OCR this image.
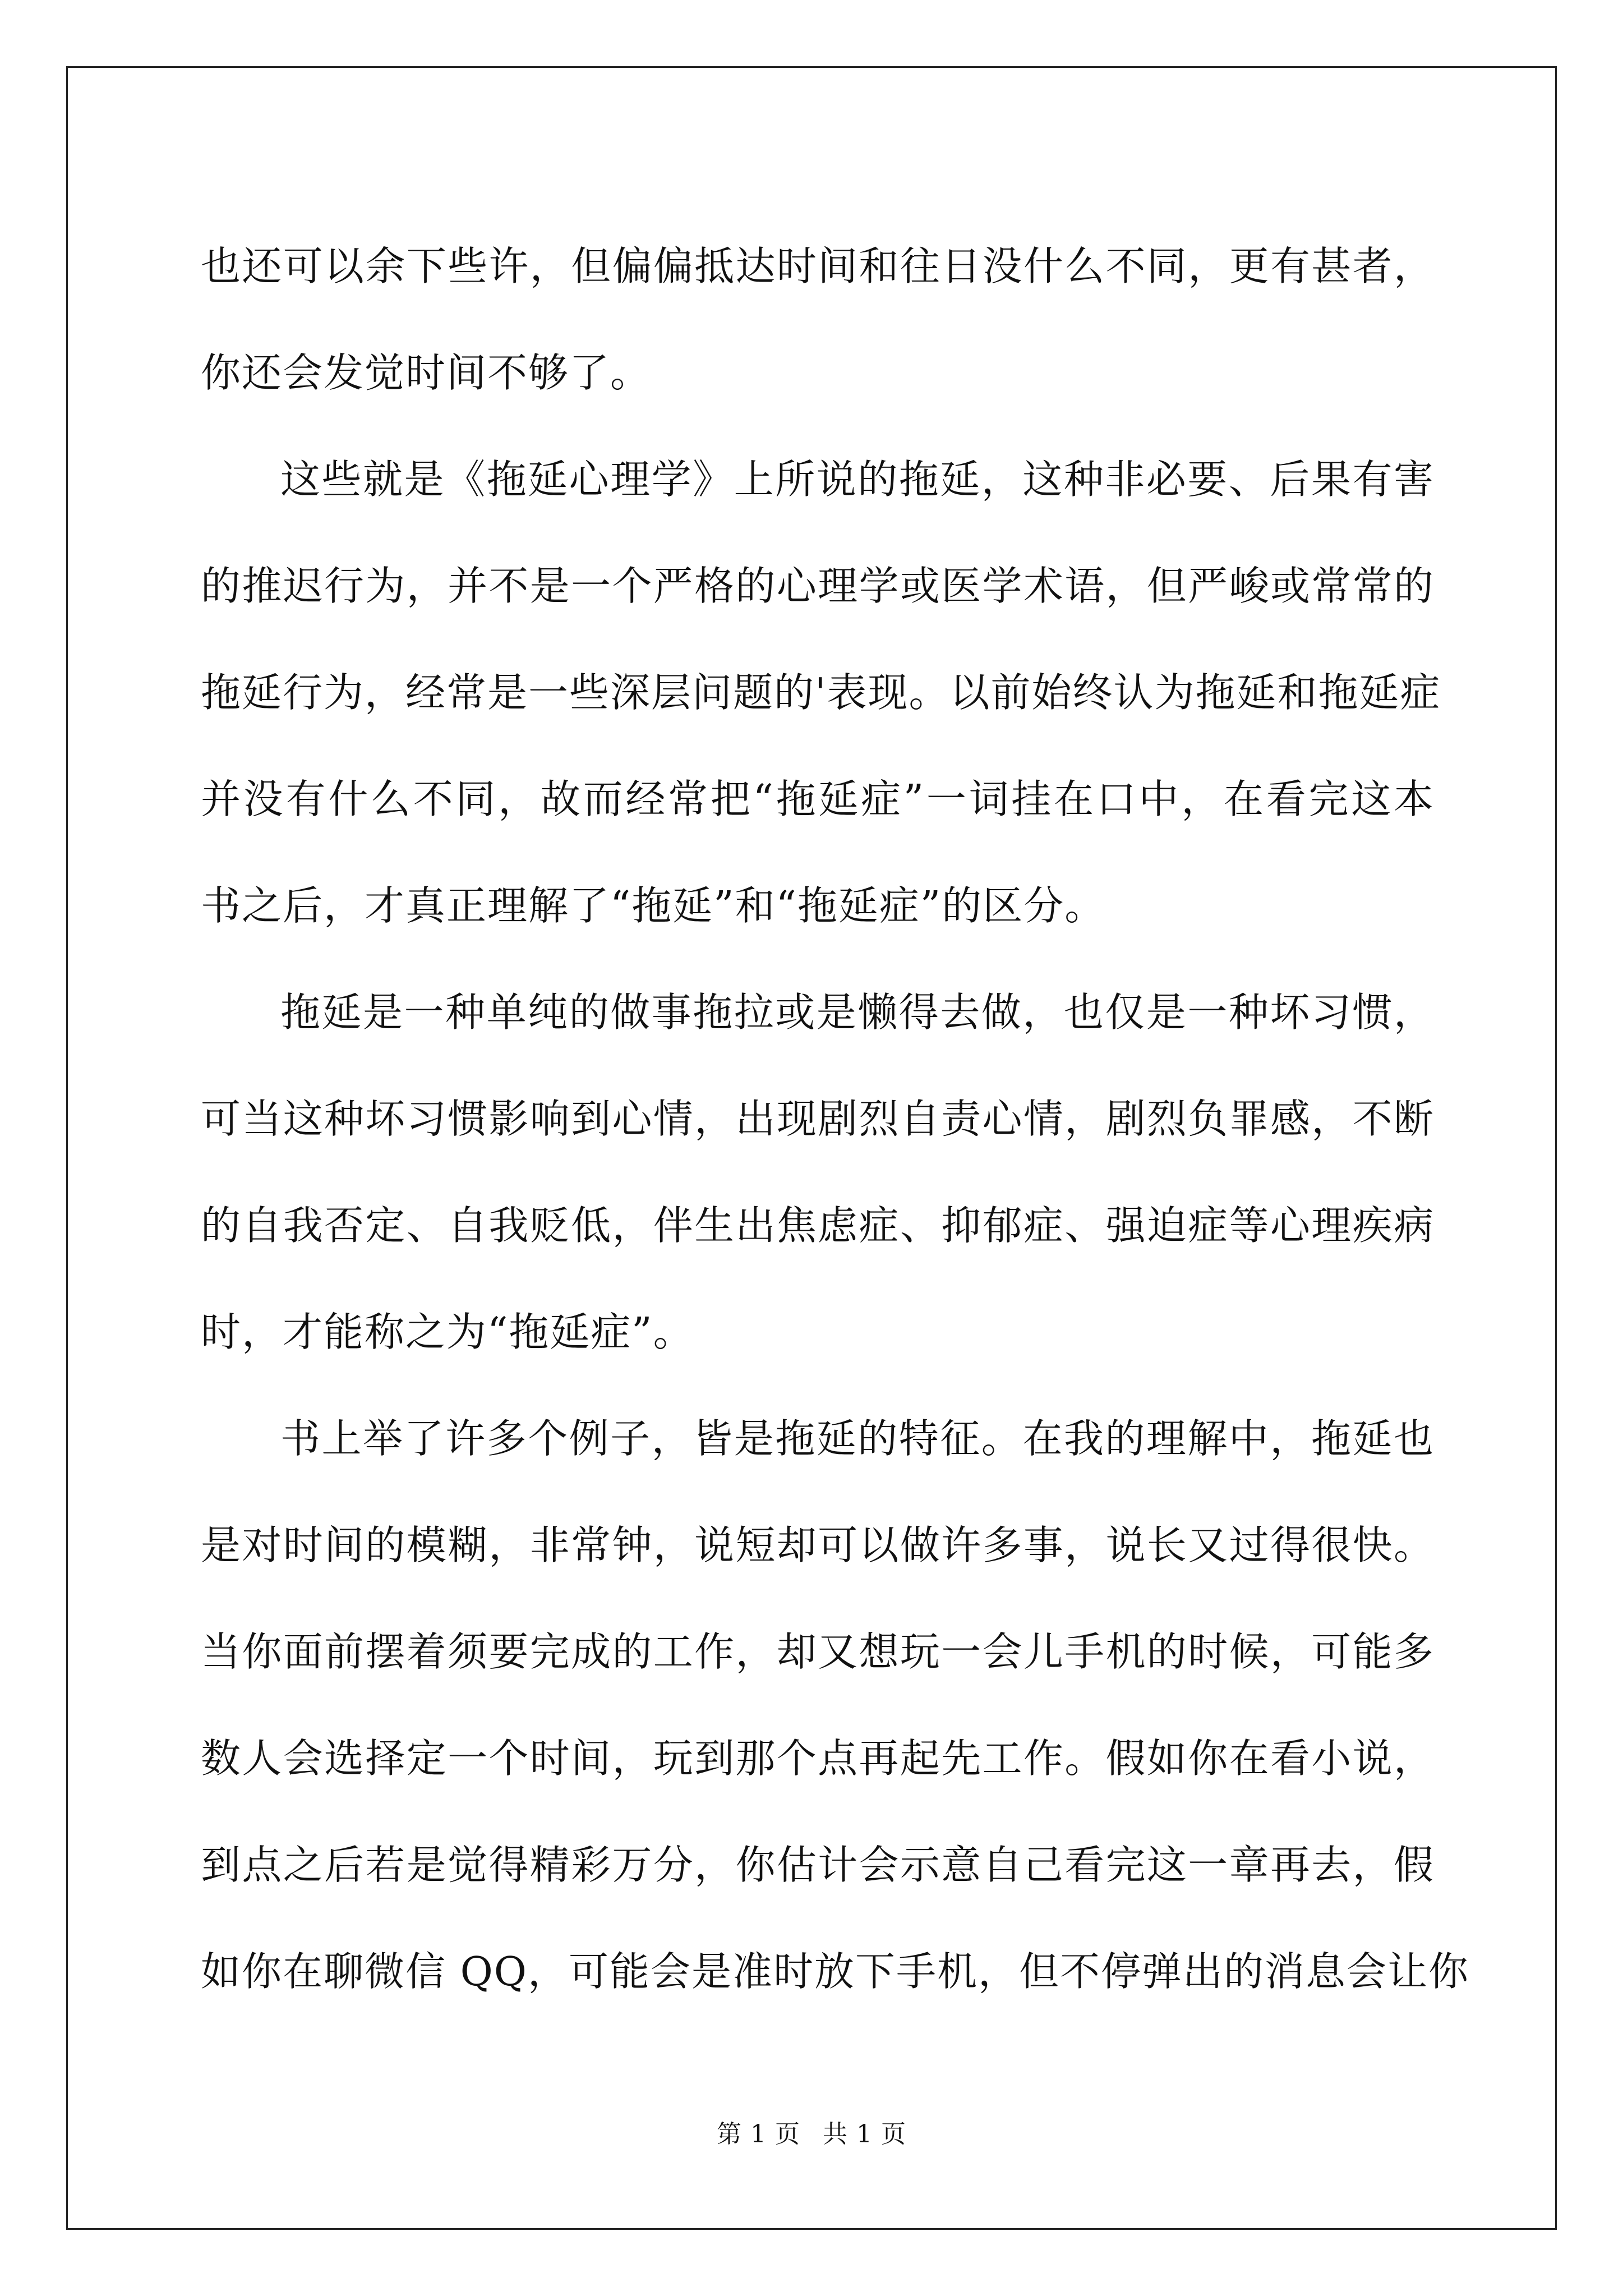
也还可以余下些许，但偏偏抵达时间和往日没什么不同，更有甚者，
你还会发觉时间不够了。
这些就是《拖延心理学》上所说的拖延，这种非必要、后果有害
的推迟行为，并不是一个严格的心理学或医学术语，但严峻或常常的
拖延行为，经常是一些深层问题的'表现。以前始终认为拖延和拖延症
并没有什么不同，故而经常把“拖延症”一词挂在口中，在看完这本
书之后，才真正理解了“拖延”和“拖延症”的区分。
拖延是一种单纯的做事拖拉或是懒得去做，也仅是一种坏习惯，
可当这种坏习惯影响到心情，出现剧烈自责心情，剧烈负罪感，不断
的自我否定、自我贬低，伴生出焦虑症、抑郁症、强迫症等心理疾病
时，才能称之为“拖延症”。
书上举了许多个例子，皆是拖延的特征。在我的理解中，拖延也
是对时间的模糊，非常钟，说短却可以做许多事，说长又过得很快。
当你面前摆着须要完成的工作，却又想玩一会儿手机的时候，可能多
数人会选择定一个时间，玩到那个点再起先工作。假如你在看小说，
到点之后若是觉得精彩万分，你估计会示意自己看完这一章再去，假
如你在聊微信 QQ，可能会是准时放下手机，但不停弹出的消息会让你
第 1 页 共 1 页
